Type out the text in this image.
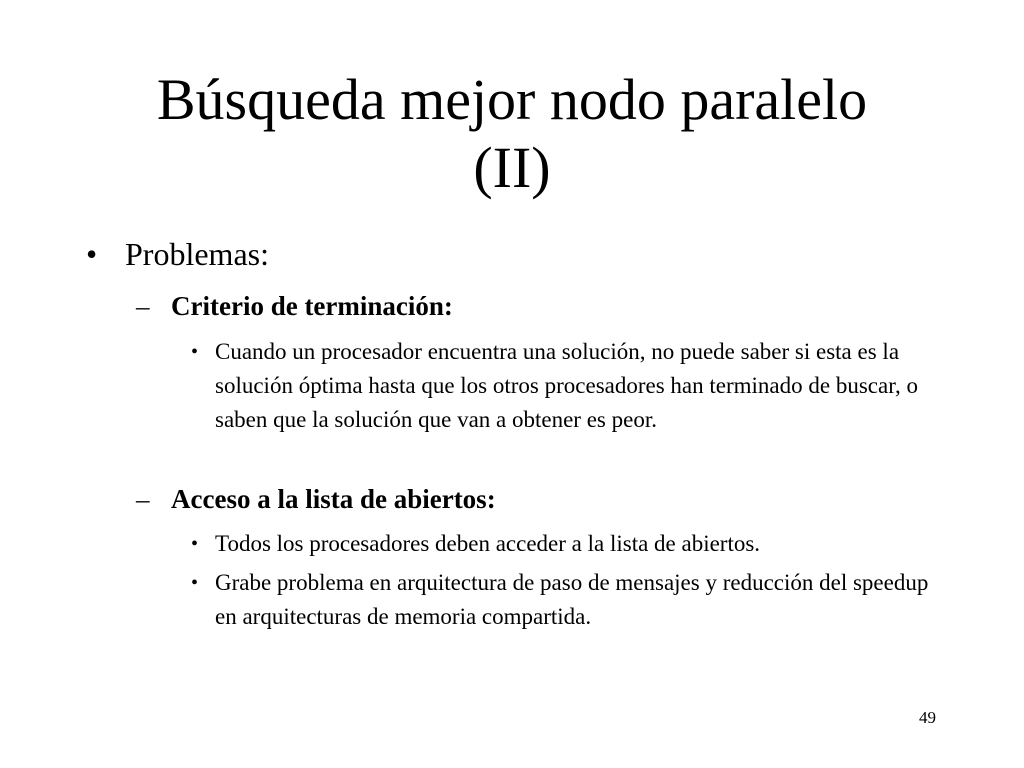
Búsqueda mejor nodo paralelo
(II)
• Problemas:
– Criterio de terminación:
• Cuando un procesador encuentra una solución, no puede saber si esta es la solución óptima hasta que los otros procesadores han terminado de buscar, o saben que la solución que van a obtener es peor.
– Acceso a la lista de abiertos:
• Todos los procesadores deben acceder a la lista de abiertos.
• Grabe problema en arquitectura de paso de mensajes y reducción del speedup en arquitecturas de memoria compartida.
49
